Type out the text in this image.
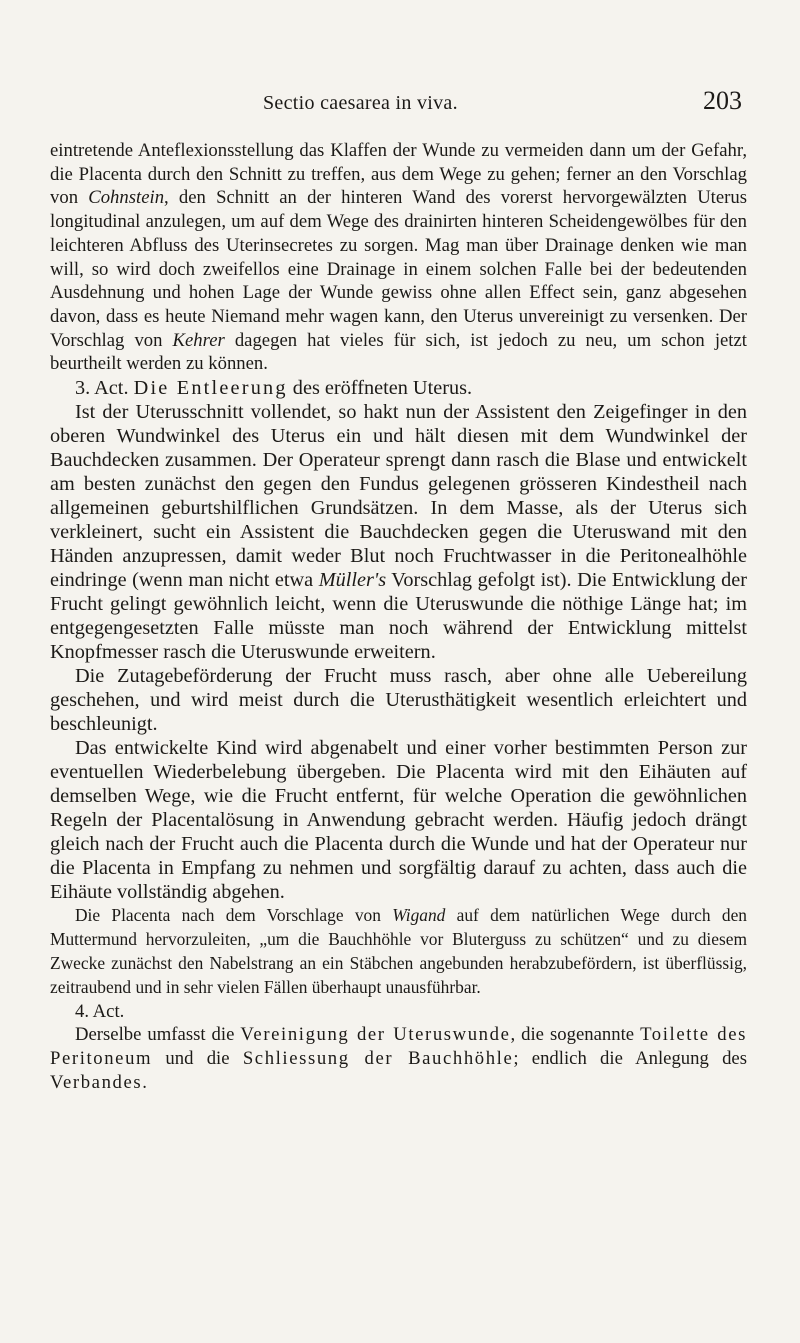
Sectio caesarea in viva.	203

eintretende Anteflexionsstellung das Klaffen der Wunde zu vermeiden dann um der Gefahr, die Placenta durch den Schnitt zu treffen, aus dem Wege zu gehen; ferner an den Vorschlag von Cohnstein, den Schnitt an der hinteren Wand des vorerst hervorgewälzten Uterus longitudinal anzulegen, um auf dem Wege des drainirten hinteren Scheidengewölbes für den leichteren Abfluss des Uterinsecretes zu sorgen. Mag man über Drainage denken wie man will, so wird doch zweifellos eine Drainage in einem solchen Falle bei der bedeutenden Ausdehnung und hohen Lage der Wunde gewiss ohne allen Effect sein, ganz abgesehen davon, dass es heute Niemand mehr wagen kann, den Uterus unvereinigt zu versenken. Der Vorschlag von Kehrer dagegen hat vieles für sich, ist jedoch zu neu, um schon jetzt beurtheilt werden zu können.

3. Act. Die Entleerung des eröffneten Uterus.

Ist der Uterusschnitt vollendet, so hakt nun der Assistent den Zeigefinger in den oberen Wundwinkel des Uterus ein und hält diesen mit dem Wundwinkel der Bauchdecken zusammen. Der Operateur sprengt dann rasch die Blase und entwickelt am besten zunächst den gegen den Fundus gelegenen grösseren Kindestheil nach allgemeinen geburtshilflichen Grundsätzen. In dem Masse, als der Uterus sich verkleinert, sucht ein Assistent die Bauchdecken gegen die Uteruswand mit den Händen anzupressen, damit weder Blut noch Fruchtwasser in die Peritonealhöhle eindringe (wenn man nicht etwa Müller's Vorschlag gefolgt ist). Die Entwicklung der Frucht gelingt gewöhnlich leicht, wenn die Uteruswunde die nöthige Länge hat; im entgegengesetzten Falle müsste man noch während der Entwicklung mittelst Knopfmesser rasch die Uteruswunde erweitern.

Die Zutagebeförderung der Frucht muss rasch, aber ohne alle Uebereilung geschehen, und wird meist durch die Uterusthätigkeit wesentlich erleichtert und beschleunigt.

Das entwickelte Kind wird abgenabelt und einer vorher bestimmten Person zur eventuellen Wiederbelebung übergeben. Die Placenta wird mit den Eihäuten auf demselben Wege, wie die Frucht entfernt, für welche Operation die gewöhnlichen Regeln der Placentalösung in Anwendung gebracht werden. Häufig jedoch drängt gleich nach der Frucht auch die Placenta durch die Wunde und hat der Operateur nur die Placenta in Empfang zu nehmen und sorgfältig darauf zu achten, dass auch die Eihäute vollständig abgehen.

Die Placenta nach dem Vorschlage von Wigand auf dem natürlichen Wege durch den Muttermund hervorzuleiten, „um die Bauchhöhle vor Bluterguss zu schützen“ und zu diesem Zwecke zunächst den Nabelstrang an ein Stäbchen angebunden herabzubefördern, ist überflüssig, zeitraubend und in sehr vielen Fällen überhaupt unausführbar.

4. Act.

Derselbe umfasst die Vereinigung der Uteruswunde, die sogenannte Toilette des Peritoneum und die Schliessung der Bauchhöhle; endlich die Anlegung des Verbandes.
